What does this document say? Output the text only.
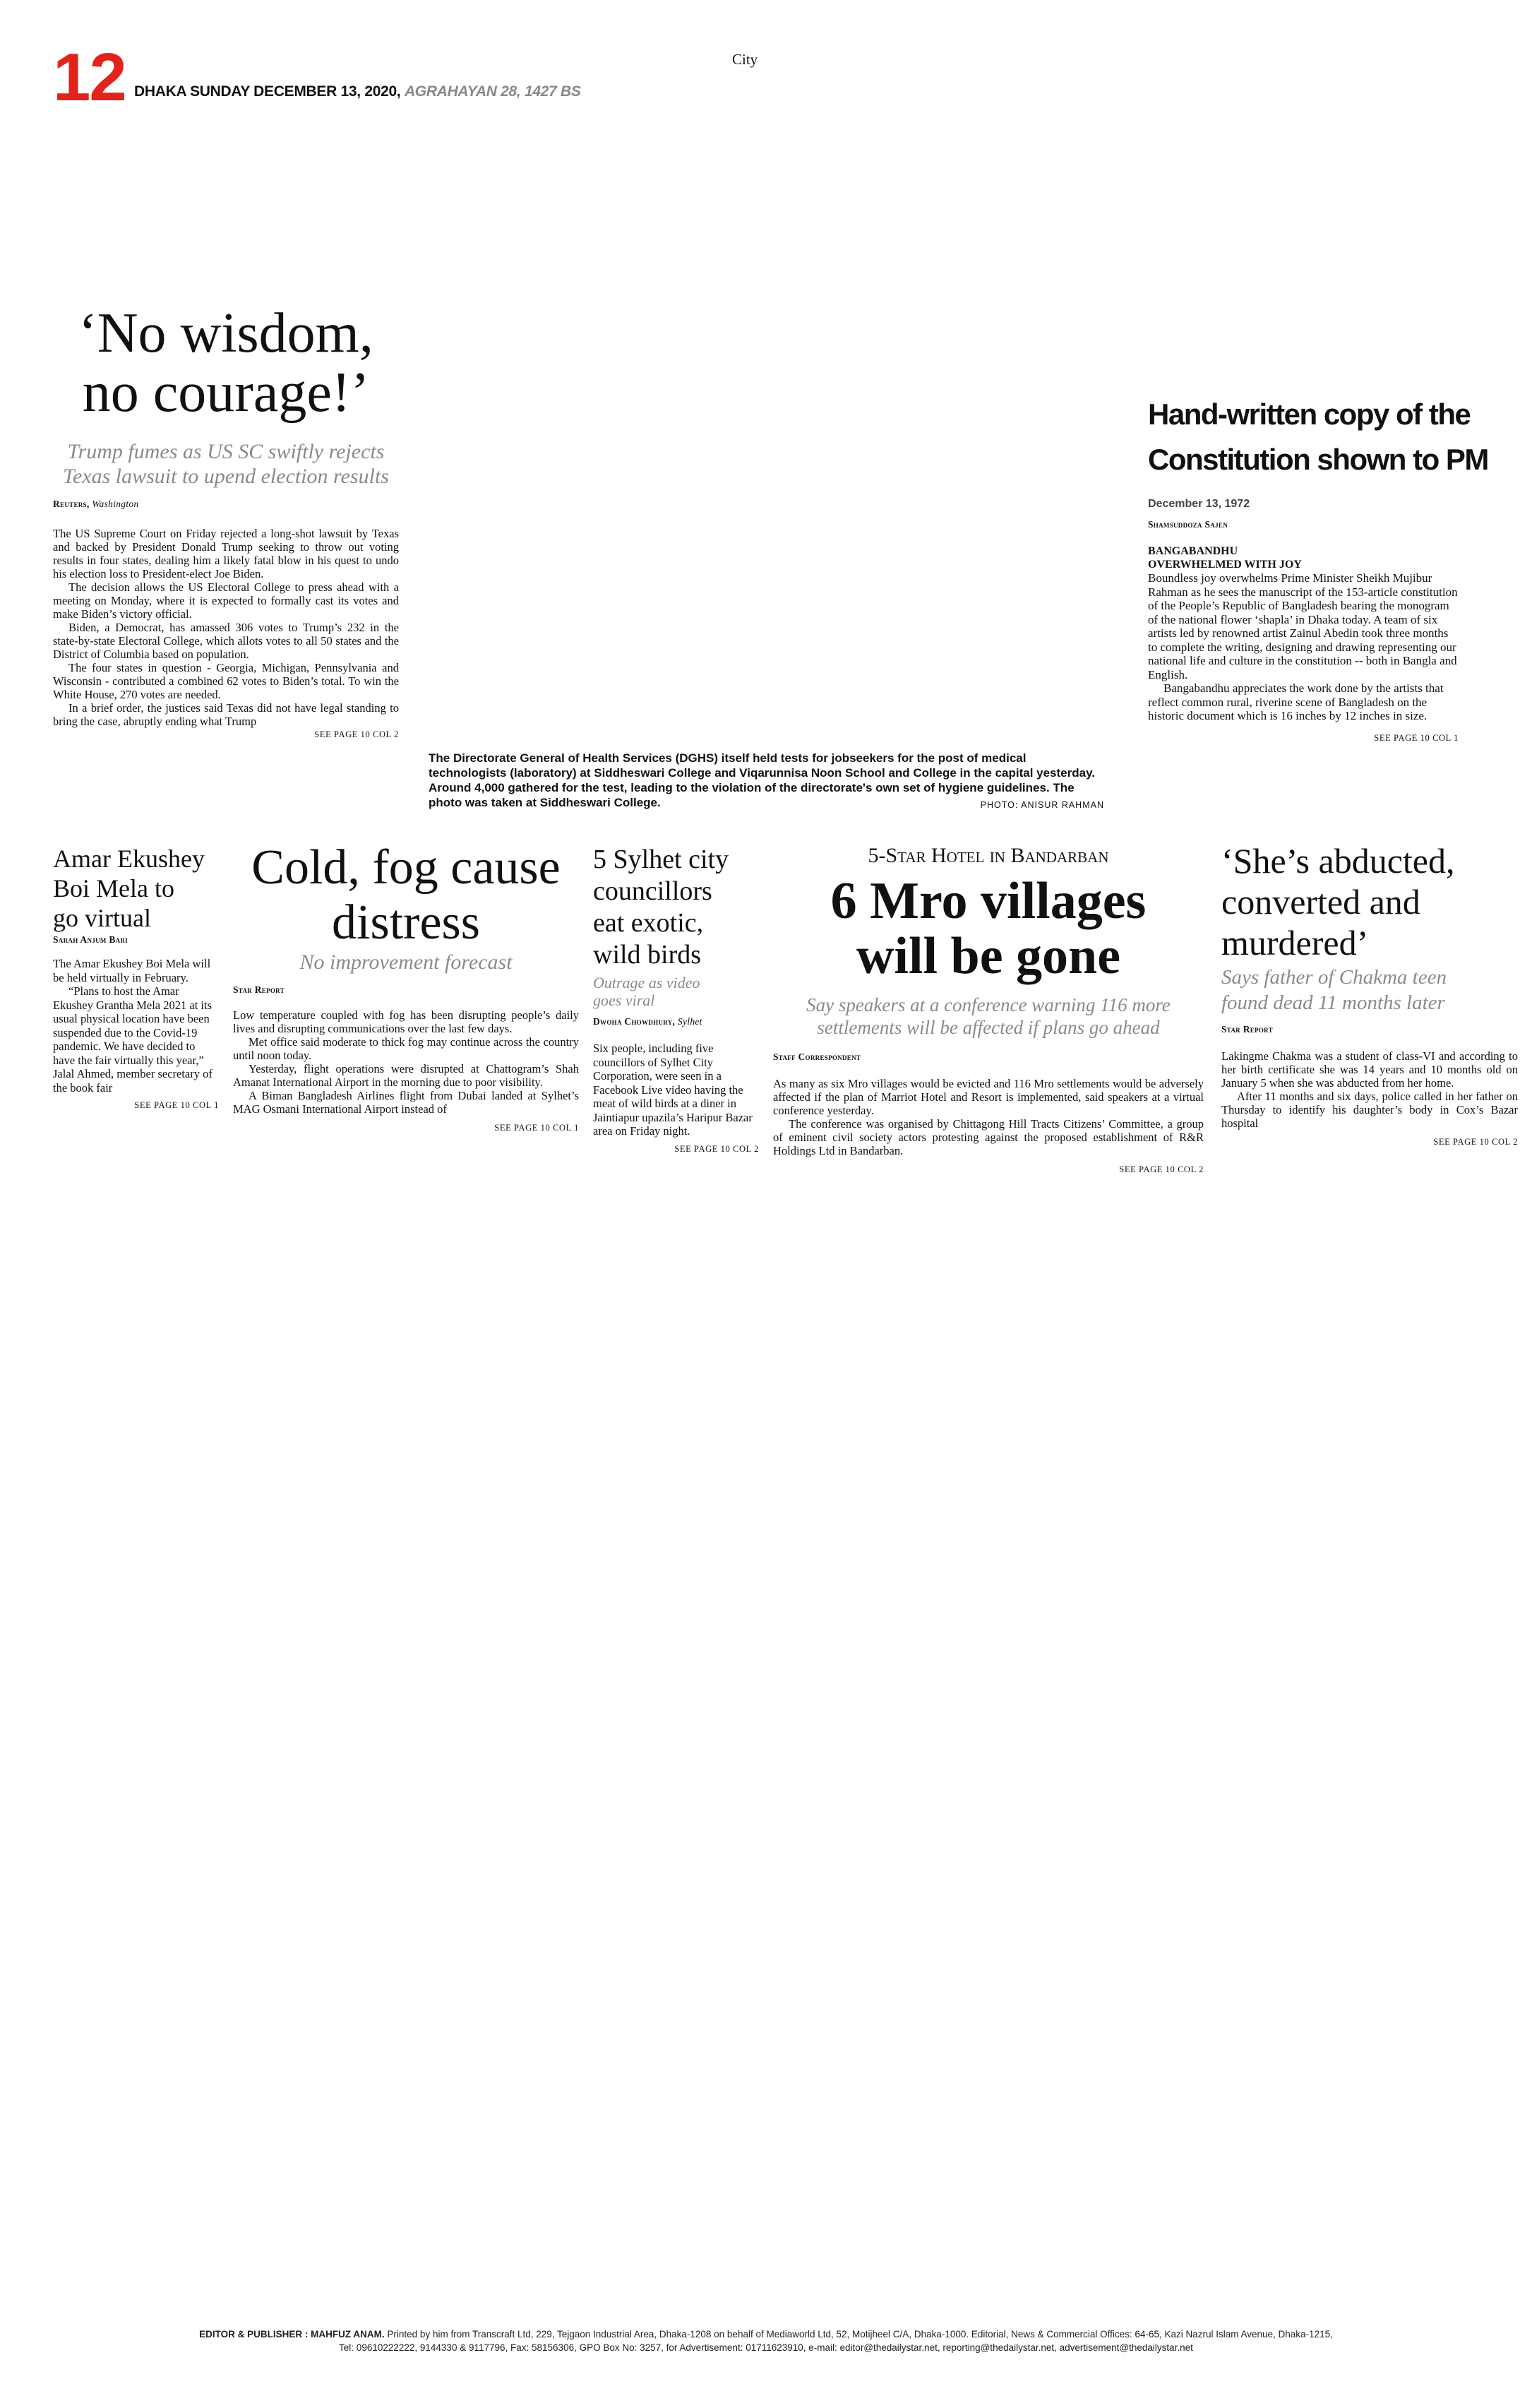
12 DHAKA SUNDAY DECEMBER 13, 2020, AGRAHAYAN 28, 1427 BS
City
‘No wisdom,
no courage!’
Trump fumes as US SC swiftly rejects
Texas lawsuit to upend election results
Reuters, Washington

The US Supreme Court on Friday rejected a long-shot lawsuit by Texas and backed by President Donald Trump seeking to throw out voting results in four states, dealing him a likely fatal blow in his quest to undo his election loss to President-elect Joe Biden.

The decision allows the US Electoral College to press ahead with a meeting on Monday, where it is expected to formally cast its votes and make Biden’s victory official.

Biden, a Democrat, has amassed 306 votes to Trump’s 232 in the state-by-state Electoral College, which allots votes to all 50 states and the District of Columbia based on population.

The four states in question - Georgia, Michigan, Pennsylvania and Wisconsin - contributed a combined 62 votes to Biden’s total. To win the White House, 270 votes are needed.

In a brief order, the justices said Texas did not have legal standing to bring the case, abruptly ending what Trump

SEE PAGE 10 COL 2
The Directorate General of Health Services (DGHS) itself held tests for jobseekers for the post of medical technologists (laboratory) at Siddheswari College and Viqarunnisa Noon School and College in the capital yesterday. Around 4,000 gathered for the test, leading to the violation of the directorate's own set of hygiene guidelines. The photo was taken at Siddheswari College.	PHOTO: ANISUR RAHMAN
Hand-written copy of the
Constitution shown to PM
December 13, 1972
Shamsuddoza Sajen
BANGABANDHU
OVERWHELMED WITH JOY

Boundless joy overwhelms Prime Minister Sheikh Mujibur Rahman as he sees the manuscript of the 153-article constitution of the People’s Republic of Bangladesh bearing the monogram of the national flower ‘shapla’ in Dhaka today. A team of six artists led by renowned artist Zainul Abedin took three months to complete the writing, designing and drawing representing our national life and culture in the constitution -- both in Bangla and English.

Bangabandhu appreciates the work done by the artists that reflect common rural, riverine scene of Bangladesh on the historic document which is 16 inches by 12 inches in size.

SEE PAGE 10 COL 1
Amar Ekushey
Boi Mela to
go virtual
Sarah Anjum Bari

The Amar Ekushey Boi Mela will be held virtually in February.

“Plans to host the Amar Ekushey Grantha Mela 2021 at its usual physical location have been suspended due to the Covid-19 pandemic. We have decided to have the fair virtually this year,” Jalal Ahmed, member secretary of the book fair

SEE PAGE 10 COL 1
Cold, fog cause
distress
No improvement forecast
Star Report

Low temperature coupled with fog has been disrupting people’s daily lives and disrupting communications over the last few days.

Met office said moderate to thick fog may continue across the country until noon today.

Yesterday, flight operations were disrupted at Chattogram’s Shah Amanat International Airport in the morning due to poor visibility.

A Biman Bangladesh Airlines flight from Dubai landed at Sylhet’s MAG Osmani International Airport instead of

SEE PAGE 10 COL 1
5 Sylhet city
councillors
eat exotic,
wild birds
Outrage as video
goes viral
Dwoha Chowdhury, Sylhet

Six people, including five councillors of Sylhet City Corporation, were seen in a Facebook Live video having the meat of wild birds at a diner in Jaintiapur upazila’s Haripur Bazar area on Friday night.

SEE PAGE 10 COL 2
5-Star Hotel in Bandarban
6 Mro villages
will be gone
Say speakers at a conference warning 116 more
settlements will be affected if plans go ahead
Staff Correspondent

As many as six Mro villages would be evicted and 116 Mro settlements would be adversely affected if the plan of Marriot Hotel and Resort is implemented, said speakers at a virtual conference yesterday.

The conference was organised by Chittagong Hill Tracts Citizens’ Committee, a group of eminent civil society actors protesting against the proposed establishment of R&R Holdings Ltd in Bandarban.

SEE PAGE 10 COL 2
‘She’s abducted,
converted and
murdered’
Says father of Chakma teen
found dead 11 months later
Star Report

Lakingme Chakma was a student of class-VI and according to her birth certificate she was 14 years and 10 months old on January 5 when she was abducted from her home.

After 11 months and six days, police called in her father on Thursday to identify his daughter’s body in Cox’s Bazar hospital

SEE PAGE 10 COL 2
EDITOR & PUBLISHER : MAHFUZ ANAM. Printed by him from Transcraft Ltd, 229, Tejgaon Industrial Area, Dhaka-1208 on behalf of Mediaworld Ltd, 52, Motijheel C/A, Dhaka-1000. Editorial, News & Commercial Offices: 64-65, Kazi Nazrul Islam Avenue, Dhaka-1215,
Tel: 09610222222, 9144330 & 9117796, Fax: 58156306, GPO Box No: 3257, for Advertisement: 01711623910, e-mail: editor@thedailystar.net, reporting@thedailystar.net, advertisement@thedailystar.net
